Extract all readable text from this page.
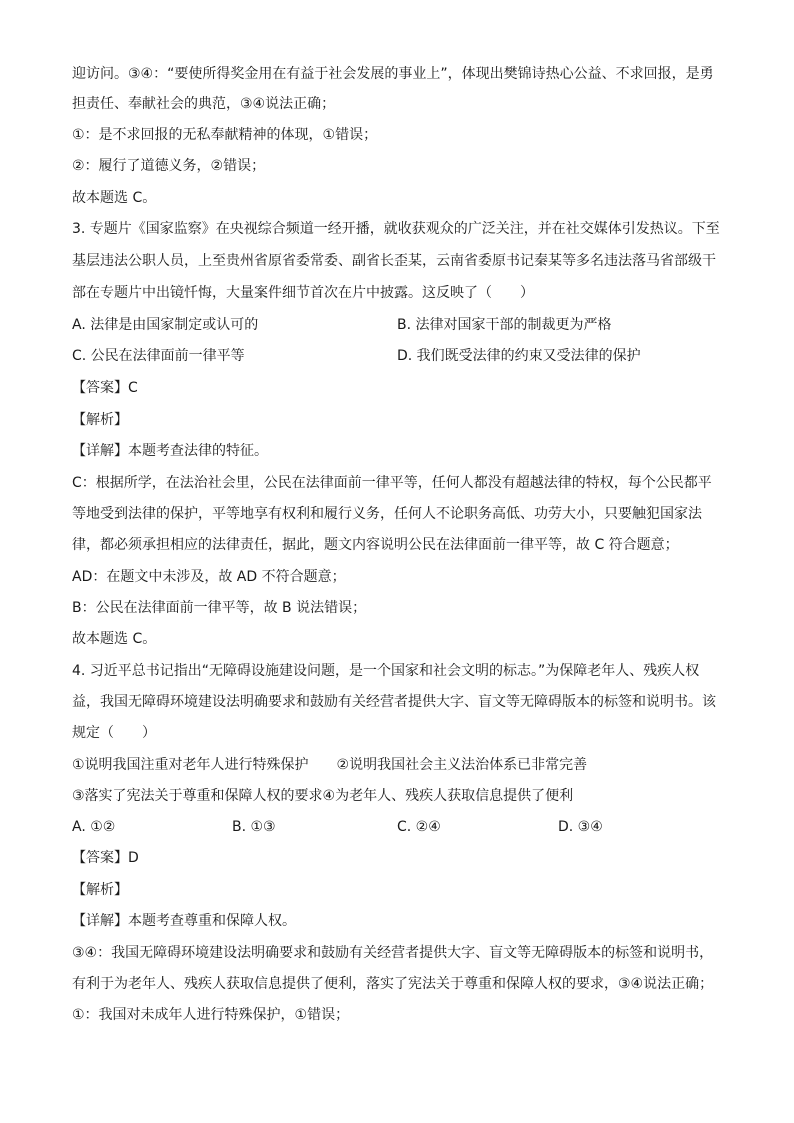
迎访问。③④：“要使所得奖金用在有益于社会发展的事业上”，体现出樊锦诗热心公益、不求回报，是勇
担责任、奉献社会的典范，③④说法正确；
①：是不求回报的无私奉献精神的体现，①错误；
②：履行了道德义务，②错误；
故本题选 C。
3. 专题片《国家监察》在央视综合频道一经开播，就收获观众的广泛关注，并在社交媒体引发热议。下至
基层违法公职人员，上至贵州省原省委常委、副省长歪某，云南省委原书记秦某等多名违法落马省部级干
部在专题片中出镜忏悔，大量案件细节首次在片中披露。这反映了（　　）
A. 法律是由国家制定或认可的	B. 法律对国家干部的制裁更为严格
C. 公民在法律面前一律平等	D. 我们既受法律的约束又受法律的保护
【答案】C
【解析】
【详解】本题考查法律的特征。
C：根据所学，在法治社会里，公民在法律面前一律平等，任何人都没有超越法律的特权，每个公民都平
等地受到法律的保护，平等地享有权利和履行义务，任何人不论职务高低、功劳大小，只要触犯国家法
律，都必须承担相应的法律责任，据此，题文内容说明公民在法律面前一律平等，故 C 符合题意；
AD：在题文中未涉及，故 AD 不符合题意；
B：公民在法律面前一律平等，故 B 说法错误；
故本题选 C。
4. 习近平总书记指出“无障碍设施建设问题，是一个国家和社会文明的标志。”为保障老年人、残疾人权
益，我国无障碍环境建设法明确要求和鼓励有关经营者提供大字、盲文等无障碍版本的标签和说明书。该
规定（　　）
①说明我国注重对老年人进行特殊保护　　②说明我国社会主义法治体系已非常完善
③落实了宪法关于尊重和保障人权的要求④为老年人、残疾人获取信息提供了便利
A. ①②	B. ①③	C. ②④	D. ③④
【答案】D
【解析】
【详解】本题考查尊重和保障人权。
③④：我国无障碍环境建设法明确要求和鼓励有关经营者提供大字、盲文等无障碍版本的标签和说明书，
有利于为老年人、残疾人获取信息提供了便利，落实了宪法关于尊重和保障人权的要求，③④说法正确；
①：我国对未成年人进行特殊保护，①错误；
